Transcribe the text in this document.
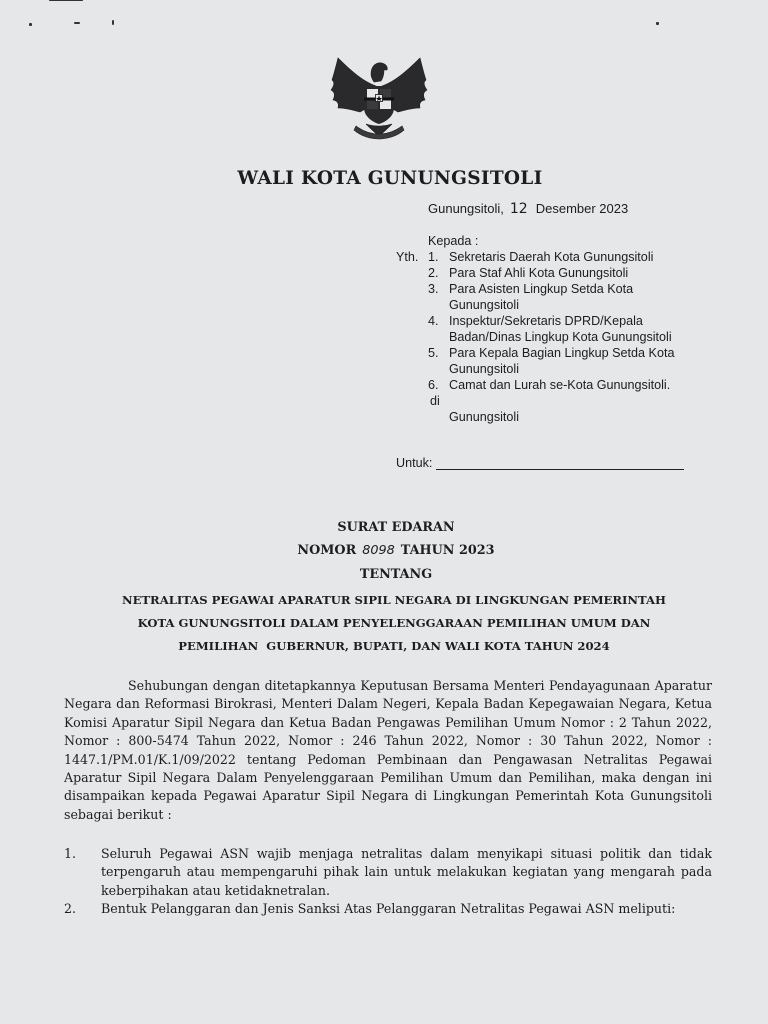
WALI KOTA GUNUNGSITOLI
Gunungsitoli, 12 Desember 2023
Kepada :
Yth. 1. Sekretaris Daerah Kota Gunungsitoli
2. Para Staf Ahli Kota Gunungsitoli
3. Para Asisten Lingkup Setda Kota Gunungsitoli
4. Inspektur/Sekretaris DPRD/Kepala Badan/Dinas Lingkup Kota Gunungsitoli
5. Para Kepala Bagian Lingkup Setda Kota Gunungsitoli
6. Camat dan Lurah se-Kota Gunungsitoli.
di
Gunungsitoli
Untuk:
SURAT EDARAN
NOMOR 8098 TAHUN 2023
TENTANG
NETRALITAS PEGAWAI APARATUR SIPIL NEGARA DI LINGKUNGAN PEMERINTAH
KOTA GUNUNGSITOLI DALAM PENYELENGGARAAN PEMILIHAN UMUM DAN
PEMILIHAN  GUBERNUR, BUPATI, DAN WALI KOTA TAHUN 2024
Sehubungan dengan ditetapkannya Keputusan Bersama Menteri Pendayagunaan Aparatur Negara dan Reformasi Birokrasi, Menteri Dalam Negeri, Kepala Badan Kepegawaian Negara, Ketua Komisi Aparatur Sipil Negara dan Ketua Badan Pengawas Pemilihan Umum Nomor : 2 Tahun 2022, Nomor : 800-5474 Tahun 2022, Nomor : 246 Tahun 2022, Nomor : 30 Tahun 2022, Nomor : 1447.1/PM.01/K.1/09/2022 tentang Pedoman Pembinaan dan Pengawasan Netralitas Pegawai Aparatur Sipil Negara Dalam Penyelenggaraan Pemilihan Umum dan Pemilihan, maka dengan ini disampaikan kepada Pegawai Aparatur Sipil Negara di Lingkungan Pemerintah Kota Gunungsitoli sebagai berikut :
1.	Seluruh Pegawai ASN wajib menjaga netralitas dalam menyikapi situasi politik dan tidak terpengaruh atau mempengaruhi pihak lain untuk melakukan kegiatan yang mengarah pada keberpihakan atau ketidaknetralan.
2.	Bentuk Pelanggaran dan Jenis Sanksi Atas Pelanggaran Netralitas Pegawai ASN meliputi:
